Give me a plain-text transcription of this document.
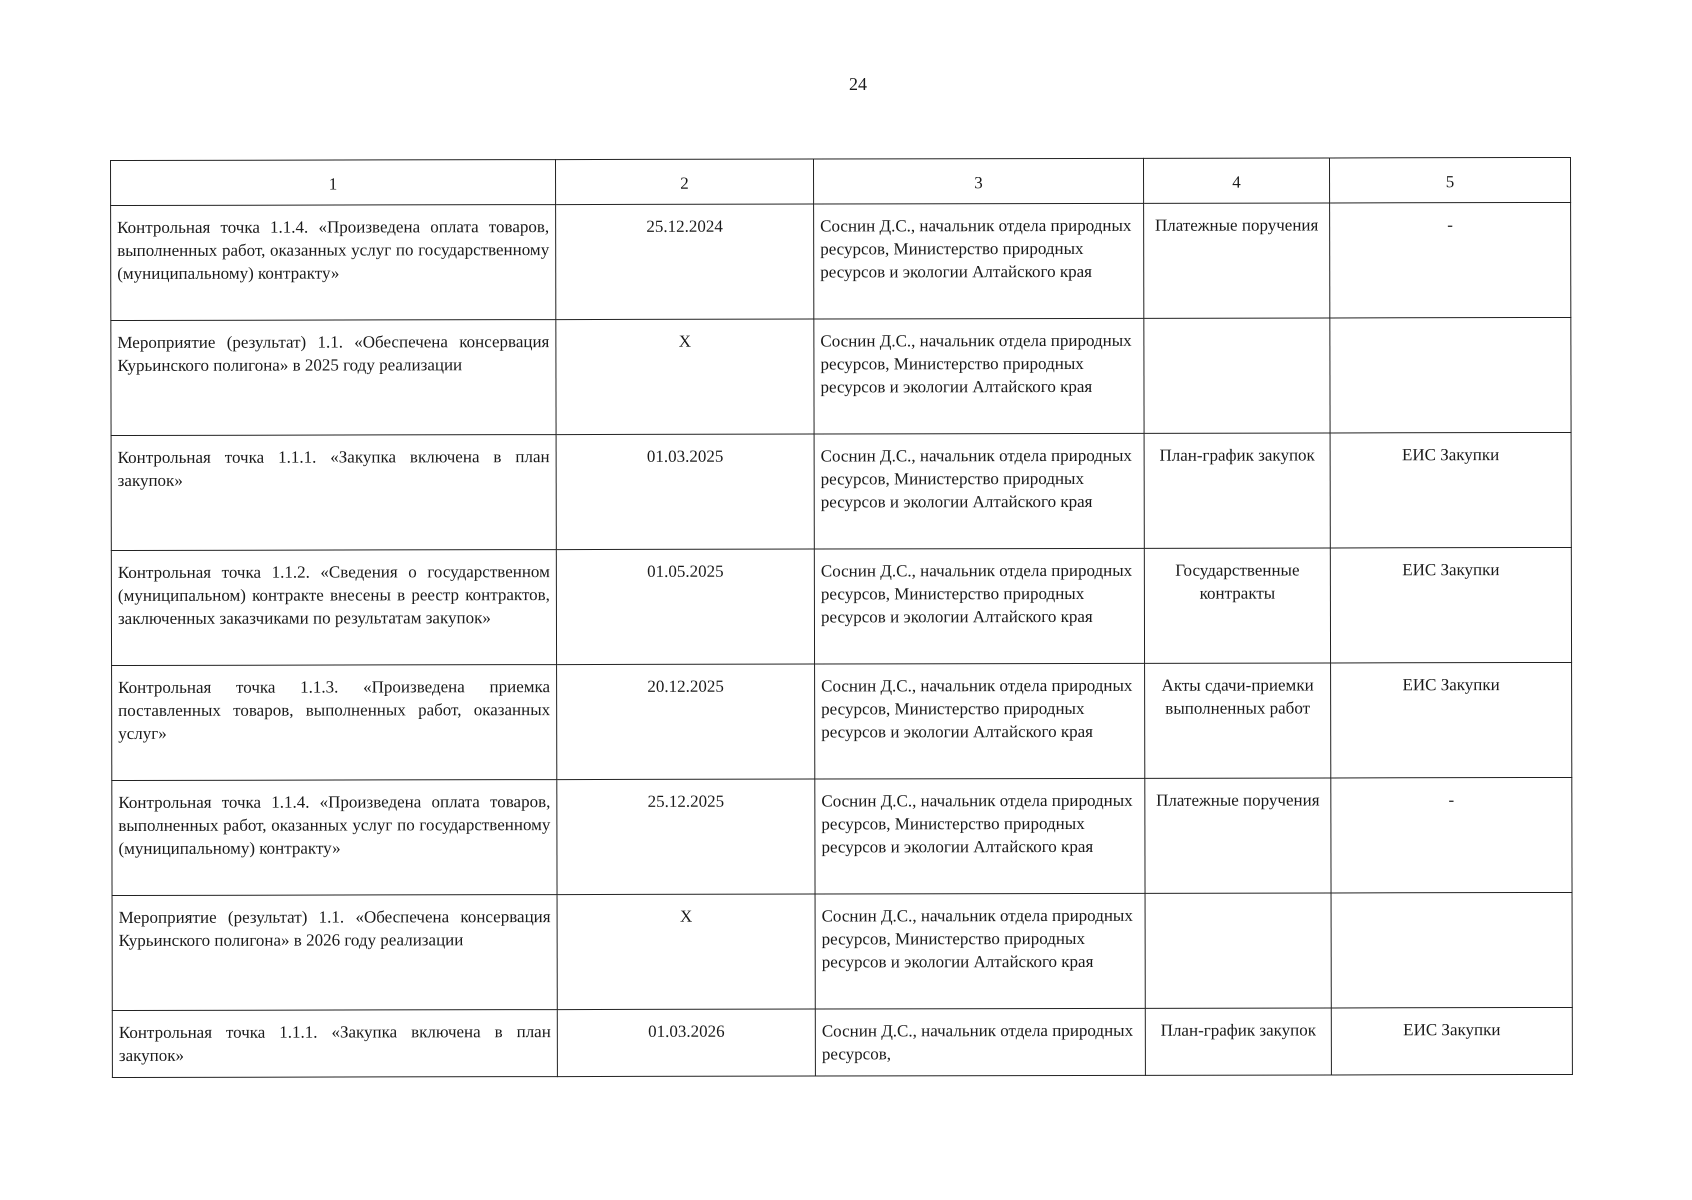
24
1	2	3	4	5
Контрольная точка 1.1.4. «Произведена оплата товаров, выполненных работ, оказанных услуг по государственному (муниципальному) контракту»	25.12.2024	Соснин Д.С., начальник отдела природных ресурсов, Министерство природных ресурсов и экологии Алтайского края	Платежные поручения	-
Мероприятие (результат) 1.1. «Обеспечена консервация Курьинского полигона» в 2025 году реализации	X	Соснин Д.С., начальник отдела природных ресурсов, Министерство природных ресурсов и экологии Алтайского края		
Контрольная точка 1.1.1. «Закупка включена в план закупок»	01.03.2025	Соснин Д.С., начальник отдела природных ресурсов, Министерство природных ресурсов и экологии Алтайского края	План-график закупок	ЕИС Закупки
Контрольная точка 1.1.2. «Сведения о государственном (муниципальном) контракте внесены в реестр контрактов, заключенных заказчиками по результатам закупок»	01.05.2025	Соснин Д.С., начальник отдела природных ресурсов, Министерство природных ресурсов и экологии Алтайского края	Государственные контракты	ЕИС Закупки
Контрольная точка 1.1.3. «Произведена приемка поставленных товаров, выполненных работ, оказанных услуг»	20.12.2025	Соснин Д.С., начальник отдела природных ресурсов, Министерство природных ресурсов и экологии Алтайского края	Акты сдачи-приемки выполненных работ	ЕИС Закупки
Контрольная точка 1.1.4. «Произведена оплата товаров, выполненных работ, оказанных услуг по государственному (муниципальному) контракту»	25.12.2025	Соснин Д.С., начальник отдела природных ресурсов, Министерство природных ресурсов и экологии Алтайского края	Платежные поручения	-
Мероприятие (результат) 1.1. «Обеспечена консервация Курьинского полигона» в 2026 году реализации	X	Соснин Д.С., начальник отдела природных ресурсов, Министерство природных ресурсов и экологии Алтайского края		
Контрольная точка 1.1.1. «Закупка включена в план закупок»	01.03.2026	Соснин Д.С., начальник отдела природных ресурсов,	План-график закупок	ЕИС Закупки
